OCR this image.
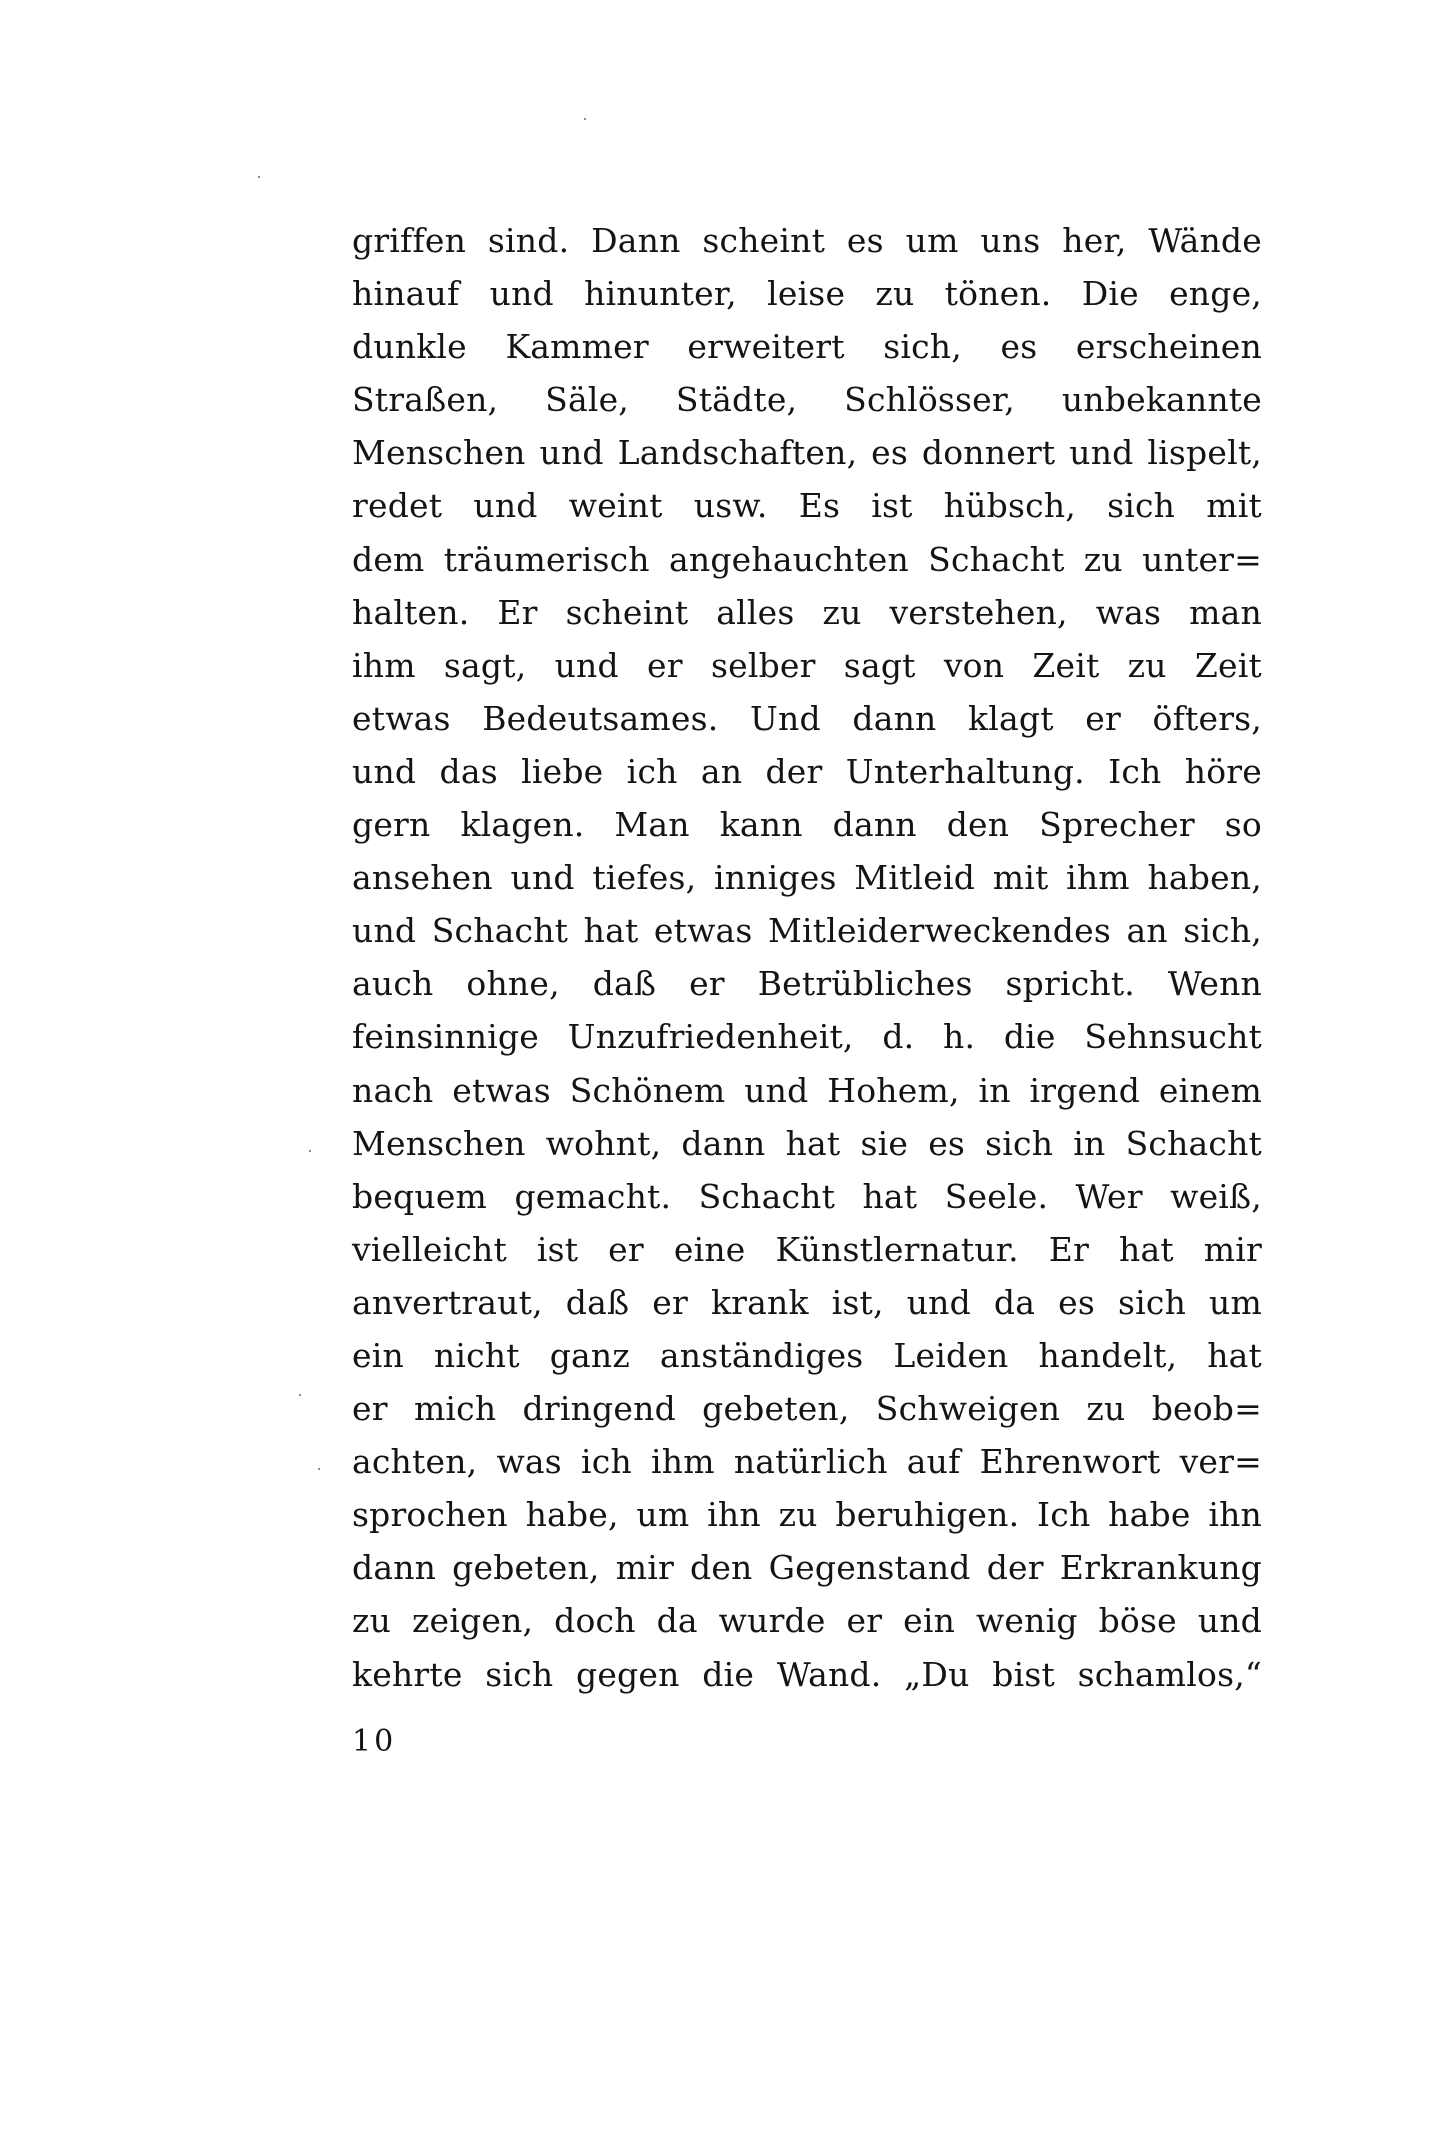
griffen sind. Dann scheint es um uns her, Wände
hinauf und hinunter, leise zu tönen. Die enge,
dunkle Kammer erweitert sich, es erscheinen
Straßen, Säle, Städte, Schlösser, unbekannte
Menschen und Landschaften, es donnert und lispelt,
redet und weint usw. Es ist hübsch, sich mit
dem träumerisch angehauchten Schacht zu unter=
halten. Er scheint alles zu verstehen, was man
ihm sagt, und er selber sagt von Zeit zu Zeit
etwas Bedeutsames. Und dann klagt er öfters,
und das liebe ich an der Unterhaltung. Ich höre
gern klagen. Man kann dann den Sprecher so
ansehen und tiefes, inniges Mitleid mit ihm haben,
und Schacht hat etwas Mitleiderweckendes an sich,
auch ohne, daß er Betrübliches spricht. Wenn
feinsinnige Unzufriedenheit, d. h. die Sehnsucht
nach etwas Schönem und Hohem, in irgend einem
Menschen wohnt, dann hat sie es sich in Schacht
bequem gemacht. Schacht hat Seele. Wer weiß,
vielleicht ist er eine Künstlernatur. Er hat mir
anvertraut, daß er krank ist, und da es sich um
ein nicht ganz anständiges Leiden handelt, hat
er mich dringend gebeten, Schweigen zu beob=
achten, was ich ihm natürlich auf Ehrenwort ver=
sprochen habe, um ihn zu beruhigen. Ich habe ihn
dann gebeten, mir den Gegenstand der Erkrankung
zu zeigen, doch da wurde er ein wenig böse und
kehrte sich gegen die Wand. „Du bist schamlos,“
10
